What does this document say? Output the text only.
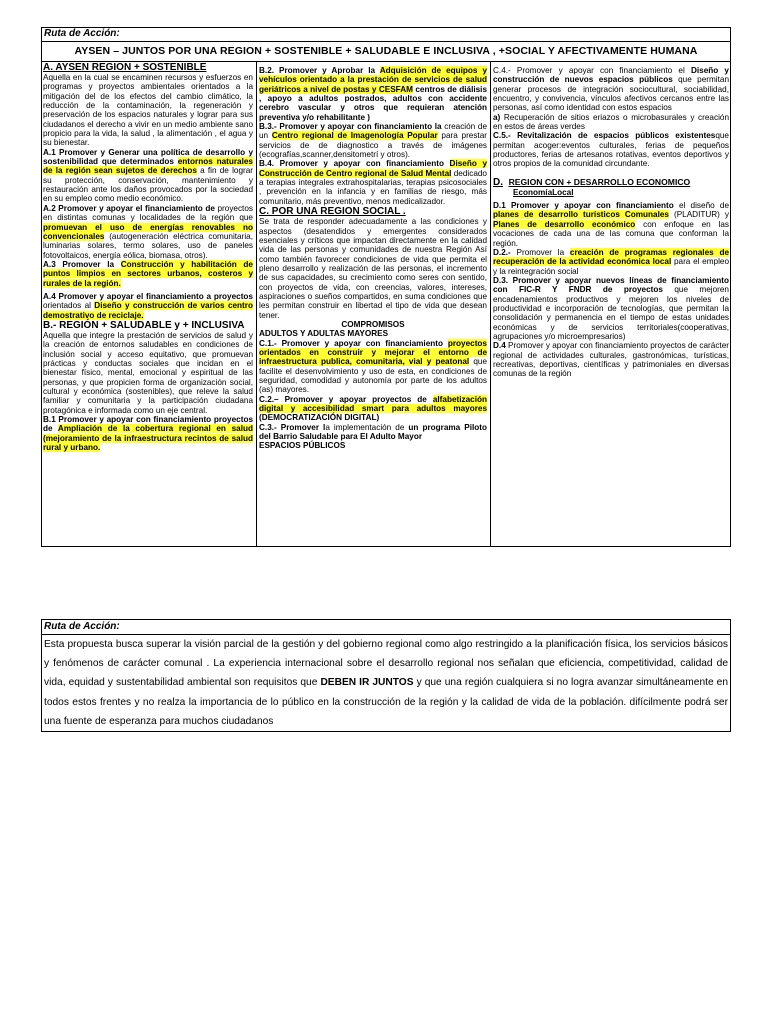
Ruta de Acción:
AYSEN – JUNTOS POR UNA REGION + SOSTENIBLE + SALUDABLE E INCLUSIVA , +SOCIAL Y AFECTIVAMENTE HUMANA
A. AYSEN REGION + SOSTENIBLE
Aquella en la cual se encaminen recursos y esfuerzos en programas y proyectos ambientales orientados a la mitigación del de los efectos del cambio climático, la reducción de la contaminación, la regeneración y preservación de los espacios naturales y lograr para sus ciudadanos el derecho a vivir en un medio ambiente sano propicio para la vida, la salud , la alimentación , el agua y su bienestar.
A.1 Promover y Generar una política de desarrollo y sostenibilidad que determinados entornos naturales de la región sean sujetos de derechos a fin de lograr su protección, conservación, mantenimiento y restauración ante los daños provocados por la sociedad en su empleo como medio económico.
A.2 Promover y apoyar el financiamiento de proyectos en distintas comunas y localidades de la región que promuevan el uso de energías renovables no convencionales (autogeneración eléctrica comunitaria, luminarias solares, termo solares, uso de paneles fotovoltaicos, energía eólica, biomasa, otros).
A.3 Promover la Construcción y habilitación de puntos limpios en sectores urbanos, costeros y rurales de la región.
A.4 Promover y apoyar el financiamiento a proyectos orientados al Diseño y construcción de varios centro demostrativo de reciclaje.
B.- REGIÓN + SALUDABLE y + INCLUSIVA
Aquella que integre la prestación de servicios de salud y la creación de entornos saludables en condiciones de inclusión social y acceso equitativo, que promuevan prácticas y conductas sociales que incidan en el bienestar físico, mental, emocional y espiritual de las personas, y que propicien forma de organización social, cultural y económica (sostenibles), que releve la salud familiar y comunitaria y la participación ciudadana protagónica e informada como un eje central.
B.1 Promover y apoyar con financiamiento proyectos de Ampliación de la cobertura regional en salud (mejoramiento de la infraestructura recintos de salud rural y urbano.
B.2. Promover y Aprobar la Adquisición de equipos y vehículos orientado a la prestación de servicios de salud geriátricos a nivel de postas y CESFAM centros de diálisis , apoyo a adultos postrados, adultos con accidente cerebro vascular y otros que requieran atención preventiva y/o rehabilitante )
B.3.- Promover y apoyar con financiamiento la creación de un Centro regional de Imagenología Popular para prestar servicios de de diagnostico a través de imágenes (ecografías,scanner,densitometrí y otros).
B.4. Promover y apoyar con financiamiento Diseño y Construcción de Centro regional de Salud Mental dedicado a terapias integrales extrahospitalarias, terapias psicosociales , prevención en la infancia y en familias de riesgo, más comunitario, más preventivo, menos medicalizador.
C. POR UNA REGION SOCIAL .
Se trata de responder adecuadamente a las condiciones y aspectos (desatendidos y emergentes considerados esenciales y críticos que impactan directamente en la calidad vida de las personas y comunidades de nuestra Región Así como también favorecer condiciones de vida que permita el pleno desarrollo y realización de las personas, el incremento de sus capacidades, su crecimiento como seres con sentido, con proyectos de vida, con creencias, valores, intereses, aspiraciones o sueños compartidos, en suma condiciones que les permitan construir en libertad el tipo de vida que desean tener.
COMPROMISOS
ADULTOS Y ADULTAS MAYORES
C.1.- Promover y apoyar con financiamiento proyectos orientados en construir y mejorar el entorno de infraestructura publica, comunitaria, vial y peatonal que facilite el desenvolvimiento y uso de esta, en condiciones de seguridad, comodidad y autonomía por parte de los adultos (as) mayores.
C.2.– Promover y apoyar proyectos de alfabetización digital y accesibilidad smart para adultos mayores (DEMOCRATIZACIÓN DIGITAL)
C.3.- Promover la implementación de un programa Piloto del Barrio Saludable para El Adulto Mayor
ESPACIOS PÚBLICOS
C.4.- Promover y apoyar con financiamiento el Diseño y construcción de nuevos espacios públicos que permitan generar procesos de integración sociocultural, sociabilidad, encuentro, y convivencia, vínculos afectivos cercanos entre las personas, así como identidad con estos espacios
a) Recuperación de sitios eriazos o microbasurales y creación en estos de áreas verdes
C.5.- Revitalización de espacios públicos existentesque permitan acoger:eventos culturales, ferias de pequeños productores, ferias de artesanos rotativas, eventos deportivos y otros propios de la comunidad circundante.
D. REGION CON + DESARROLLO ECONOMICO
EconomíaLocal
D.1 Promover y apoyar con financiamiento el diseño de planes de desarrollo turísticos Comunales (PLADITUR) y Planes de desarrollo económico con enfoque en las vocaciones de cada una de las comuna que conforman la región.
D.2.- Promover la creación de programas regionales de recuperación de la actividad económica local para el empleo y la reintegración social
D.3. Promover y apoyar nuevos líneas de financiamiento con FIC-R Y FNDR de proyectos que mejoren encadenamientos productivos y mejoren los niveles de productividad e incorporación de tecnologías, que permitan la consolidación y permanencia en el tiempo de estas unidades económicas y de servicios territoriales(cooperativas, agrupaciones y/o microempresarios)
D.4 Promover y apoyar con financiamiento proyectos de carácter regional de actividades culturales, gastronómicas, turísticas, recreativas, deportivas, científicas y patrimoniales en diversas comunas de la región
Ruta de Acción:
Esta propuesta busca superar la visión parcial de la gestión y del gobierno regional como algo restringido a la planificación física, los servicios básicos y fenómenos de carácter comunal . La experiencia internacional sobre el desarrollo regional nos señalan que eficiencia, competitividad, calidad de vida, equidad y sustentabilidad ambiental son requisitos que DEBEN IR JUNTOS y que una región cualquiera si no logra avanzar simultáneamente en todos estos frentes y no realza la importancia de lo público en la construcción de la región y la calidad de vida de la población. difícilmente podrá ser una fuente de esperanza para muchos ciudadanos
